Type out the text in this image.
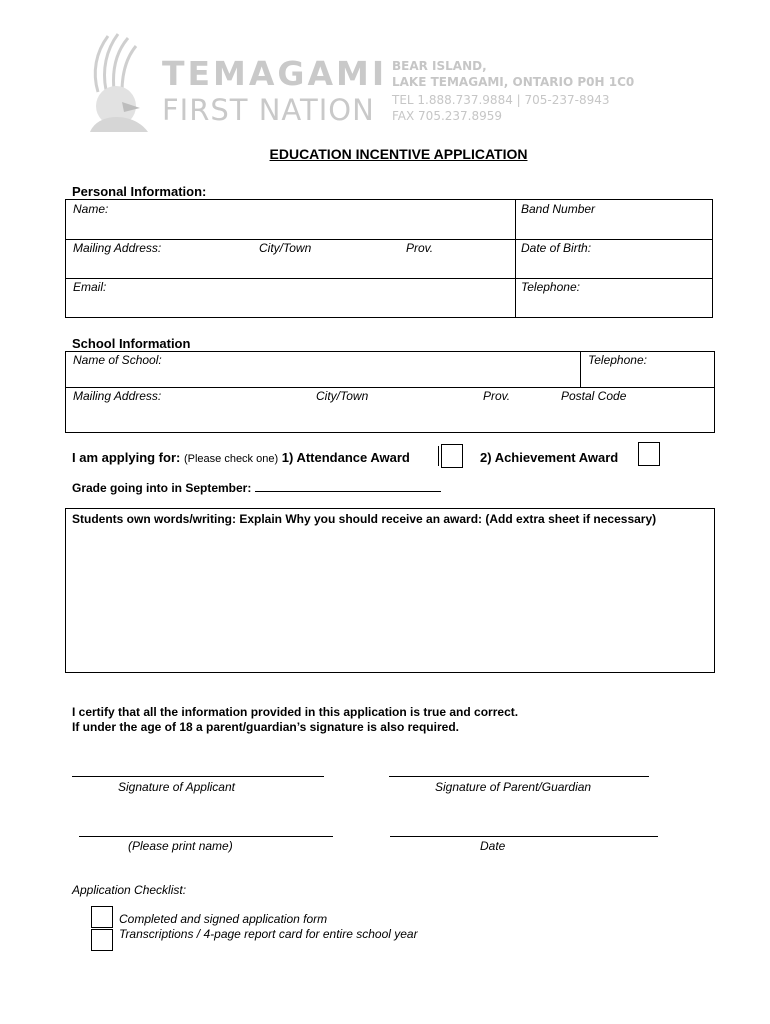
TEMAGAMI
FIRST NATION
BEAR ISLAND,
LAKE TEMAGAMI, ONTARIO P0H 1C0
TEL 1.888.737.9884 | 705-237-8943
FAX 705.237.8959
EDUCATION INCENTIVE APPLICATION
Personal Information:
Name:	Band Number
Mailing Address:	City/Town	Prov.	Date of Birth:
Email:	Telephone:
School Information
Name of School:	Telephone:
Mailing Address:	City/Town	Prov.	Postal Code
I am applying for: (Please check one) 1) Attendance Award	2) Achievement Award
Grade going into in September:
Students own words/writing: Explain Why you should receive an award: (Add extra sheet if necessary)
I certify that all the information provided in this application is true and correct.
If under the age of 18 a parent/guardian’s signature is also required.
Signature of Applicant	Signature of Parent/Guardian
(Please print name)	Date
Application Checklist:
Completed and signed application form
Transcriptions / 4-page report card for entire school year
